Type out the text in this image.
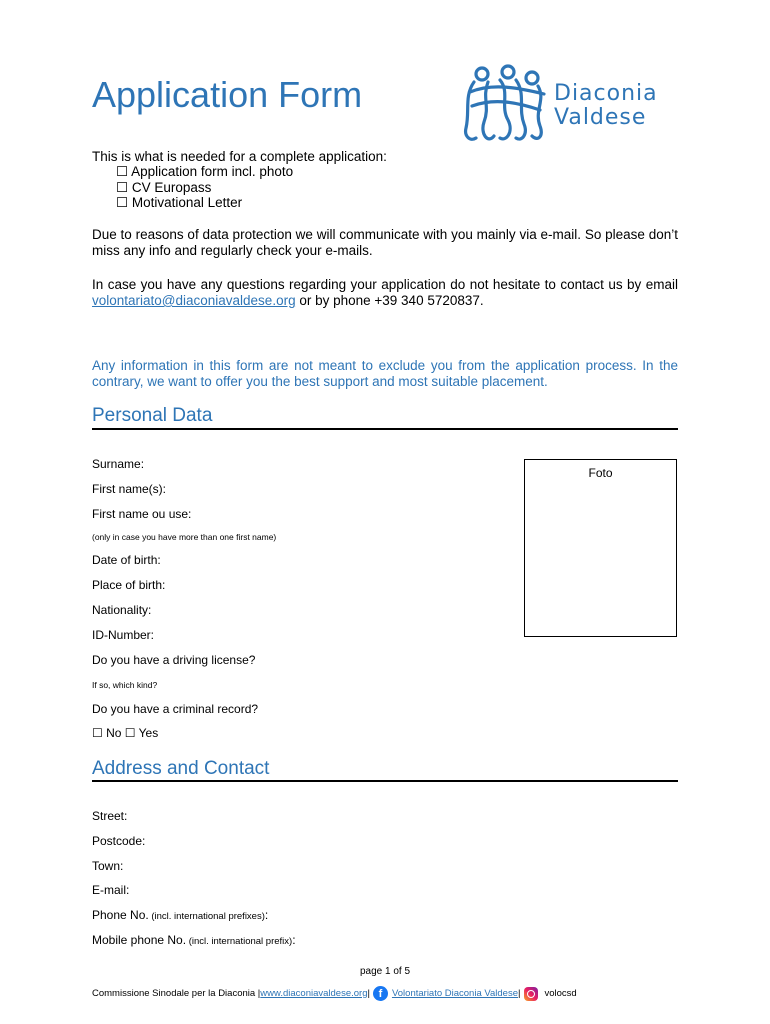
Application Form	Diaconia
Valdese
This is what is needed for a complete application:
☐ Application form incl. photo
☐ CV Europass
☐ Motivational Letter
Due to reasons of data protection we will communicate with you mainly via e-mail. So please don’t miss any info and regularly check your e-mails.
In case you have any questions regarding your application do not hesitate to contact us by email volontariato@diaconiavaldese.org or by phone +39 340 5720837.
Any information in this form are not meant to exclude you from the application process. In the contrary, we want to offer you the best support and most suitable placement.
Personal Data
Surname:
First name(s):
First name ou use:
(only in case you have more than one first name)
Date of birth:
Place of birth:
Nationality:
ID-Number:
Do you have a driving license?
If so, which kind?
Do you have a criminal record?
☐ No ☐ Yes
Foto
Address and Contact
Street:
Postcode:
Town:
E-mail:
Phone No. (incl. international prefixes):
Mobile phone No. (incl. international prefix):
page 1 of 5
Commissione Sinodale per la Diaconia | www.diaconiavaldese.org | f	Volontariato Diaconia Valdese |	volocsd
